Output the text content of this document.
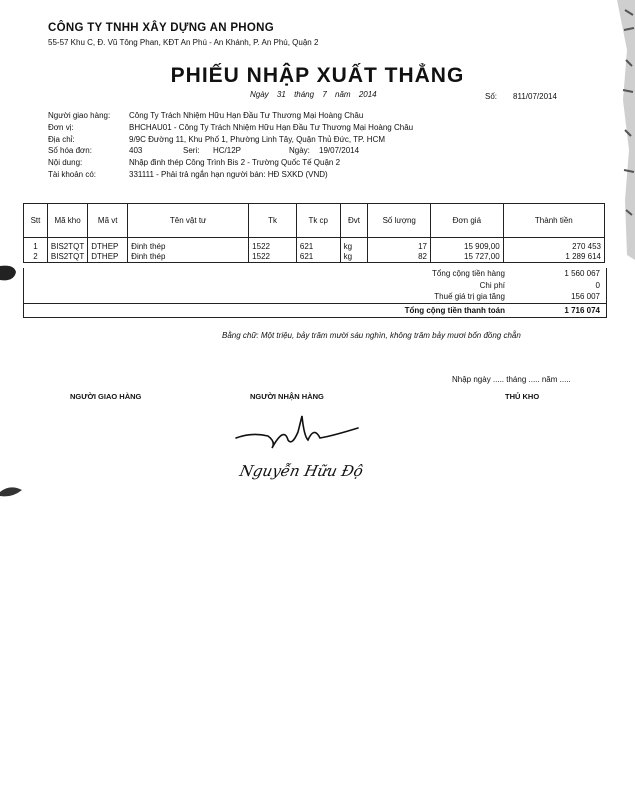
CÔNG TY TNHH XÂY DỰNG AN PHONG
55-57 Khu C, Đ. Vũ Tông Phan, KĐT An Phú - An Khánh, P. An Phú, Quận 2
PHIẾU NHẬP XUẤT THẲNG
Ngày 31 tháng 7 năm 2014	Số: 811/07/2014
Người giao hàng:	Công Ty Trách Nhiệm Hữu Hạn Đầu Tư Thương Mại Hoàng Châu
Đơn vị:	BHCHAU01 - Công Ty Trách Nhiệm Hữu Hạn Đầu Tư Thương Mại Hoàng Châu
Địa chỉ:	9/9C Đường 11, Khu Phố 1, Phường Linh Tây, Quận Thủ Đức, TP. HCM
Số hóa đơn:	403	Seri:	HC/12P	Ngày:	19/07/2014
Nội dung:	Nhập đinh thép Công Trình Bis 2 - Trường Quốc Tế Quận 2
Tài khoản có:	331111 - Phải trả ngắn hạn người bán: HĐ SXKD (VND)
Stt	Mã kho	Mã vt	Tên vật tư	Tk	Tk cp	Đvt	Số lượng	Đơn giá	Thành tiền
1	BIS2TQT	DTHEP	Đinh thép	1522	621	kg	17	15 909,00	270 453
2	BIS2TQT	DTHEP	Đinh thép	1522	621	kg	82	15 727,00	1 289 614
Tổng cộng tiền hàng	1 560 067
Chi phí	0
Thuế giá trị gia tăng	156 007
Tổng cộng tiền thanh toán	1 716 074
Bằng chữ: Một triệu, bảy trăm mười sáu nghìn, không trăm bảy mươi bốn đồng chẵn
Nhập ngày ..... tháng ..... năm .....
NGƯỜI GIAO HÀNG	NGƯỜI NHẬN HÀNG	THỦ KHO
Nguyễn Hữu Độ
